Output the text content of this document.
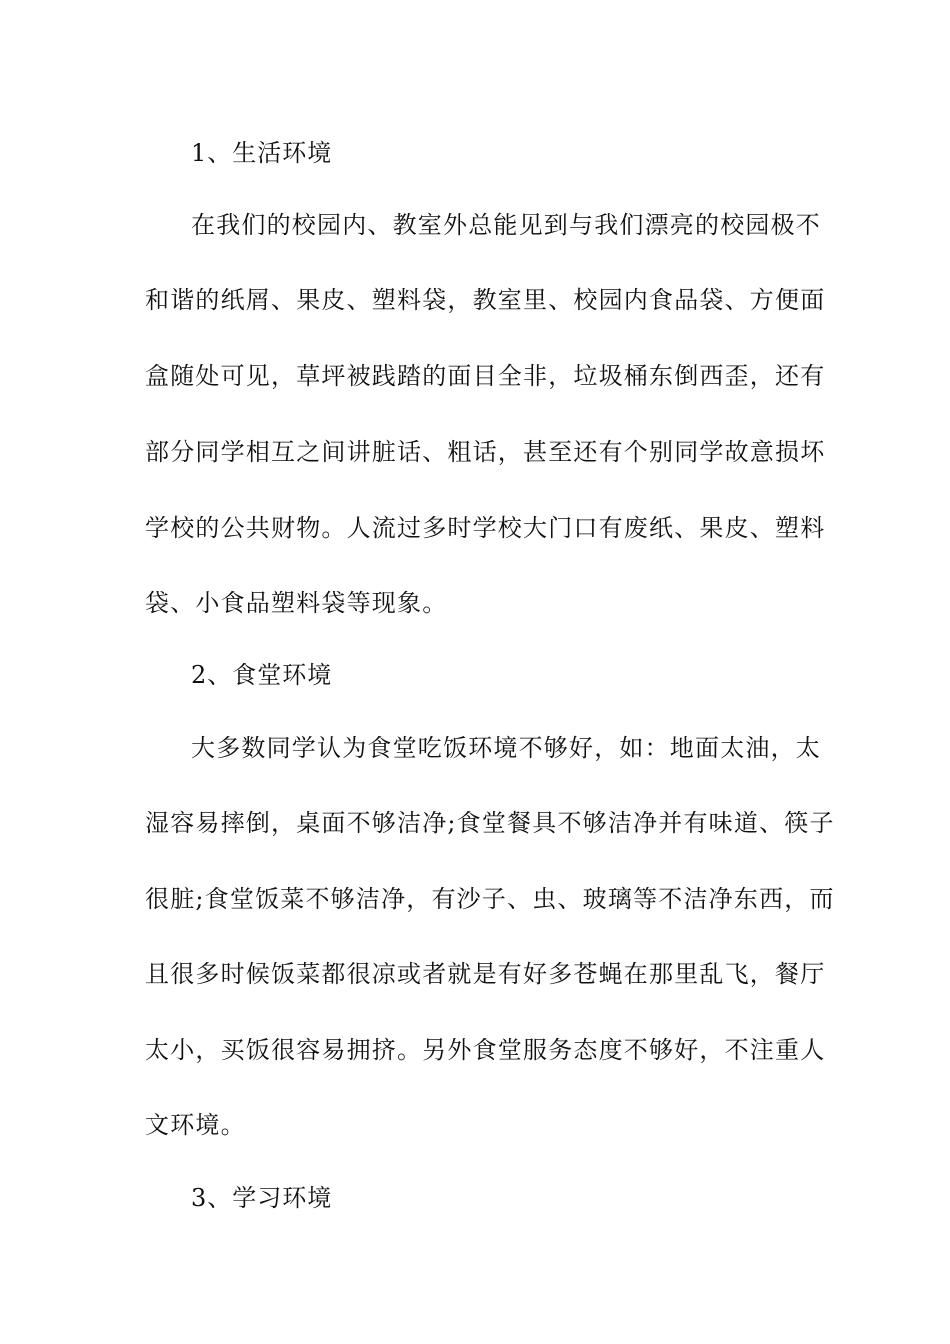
1、生活环境
在我们的校园内、教室外总能见到与我们漂亮的校园极不
和谐的纸屑、果皮、塑料袋，教室里、校园内食品袋、方便面
盒随处可见，草坪被践踏的面目全非，垃圾桶东倒西歪，还有
部分同学相互之间讲脏话、粗话，甚至还有个别同学故意损坏
学校的公共财物。人流过多时学校大门口有废纸、果皮、塑料
袋、小食品塑料袋等现象。
2、食堂环境
大多数同学认为食堂吃饭环境不够好，如：地面太油，太
湿容易摔倒，桌面不够洁净;食堂餐具不够洁净并有味道、筷子
很脏;食堂饭菜不够洁净，有沙子、虫、玻璃等不洁净东西，而
且很多时候饭菜都很凉或者就是有好多苍蝇在那里乱飞，餐厅
太小，买饭很容易拥挤。另外食堂服务态度不够好，不注重人
文环境。
3、学习环境
